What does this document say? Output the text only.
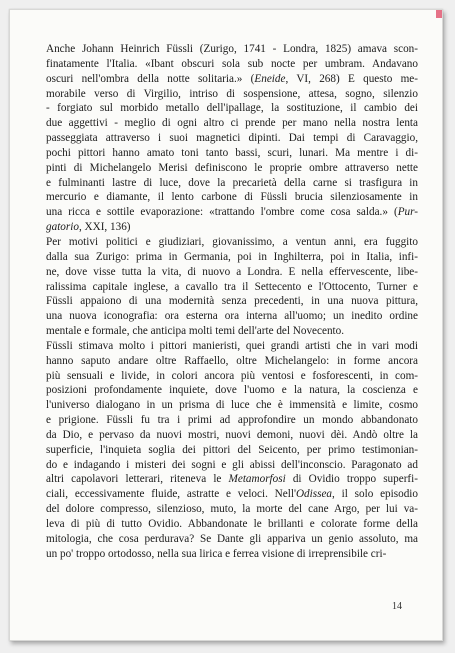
Anche Johann Heinrich Füssli (Zurigo, 1741 - Londra, 1825) amava scon-
finatamente l'Italia. «Ibant obscuri sola sub nocte per umbram. Andavano
oscuri nell'ombra della notte solitaria.» (Eneide, VI, 268) E questo me-
morabile verso di Virgilio, intriso di sospensione, attesa, sogno, silenzio
- forgiato sul morbido metallo dell'ipallage, la sostituzione, il cambio dei
due aggettivi - meglio di ogni altro ci prende per mano nella nostra lenta
passeggiata attraverso i suoi magnetici dipinti. Dai tempi di Caravaggio,
pochi pittori hanno amato toni tanto bassi, scuri, lunari. Ma mentre i di-
pinti di Michelangelo Merisi definiscono le proprie ombre attraverso nette
e fulminanti lastre di luce, dove la precarietà della carne si trasfigura in
mercurio e diamante, il lento carbone di Füssli brucia silenziosamente in
una ricca e sottile evaporazione: «trattando l'ombre come cosa salda.» (Pur-
gatorio, XXI, 136)
Per motivi politici e giudiziari, giovanissimo, a ventun anni, era fuggito
dalla sua Zurigo: prima in Germania, poi in Inghilterra, poi in Italia, infi-
ne, dove visse tutta la vita, di nuovo a Londra. E nella effervescente, libe-
ralissima capitale inglese, a cavallo tra il Settecento e l'Ottocento, Turner e
Füssli appaiono di una modernità senza precedenti, in una nuova pittura,
una nuova iconografia: ora esterna ora interna all'uomo; un inedito ordine
mentale e formale, che anticipa molti temi dell'arte del Novecento.
Füssli stimava molto i pittori manieristi, quei grandi artisti che in vari modi
hanno saputo andare oltre Raffaello, oltre Michelangelo: in forme ancora
più sensuali e livide, in colori ancora più ventosi e fosforescenti, in com-
posizioni profondamente inquiete, dove l'uomo e la natura, la coscienza e
l'universo dialogano in un prisma di luce che è immensità e limite, cosmo
e prigione. Füssli fu tra i primi ad approfondire un mondo abbandonato
da Dio, e pervaso da nuovi mostri, nuovi demoni, nuovi dèi. Andò oltre la
superficie, l'inquieta soglia dei pittori del Seicento, per primo testimonian-
do e indagando i misteri dei sogni e gli abissi dell'inconscio. Paragonato ad
altri capolavori letterari, riteneva le Metamorfosi di Ovidio troppo superfi-
ciali, eccessivamente fluide, astratte e veloci. Nell'Odissea, il solo episodio
del dolore compresso, silenzioso, muto, la morte del cane Argo, per lui va-
leva di più di tutto Ovidio. Abbandonate le brillanti e colorate forme della
mitologia, che cosa perdurava? Se Dante gli appariva un genio assoluto, ma
un po' troppo ortodosso, nella sua lirica e ferrea visione di irreprensibile cri-
14
